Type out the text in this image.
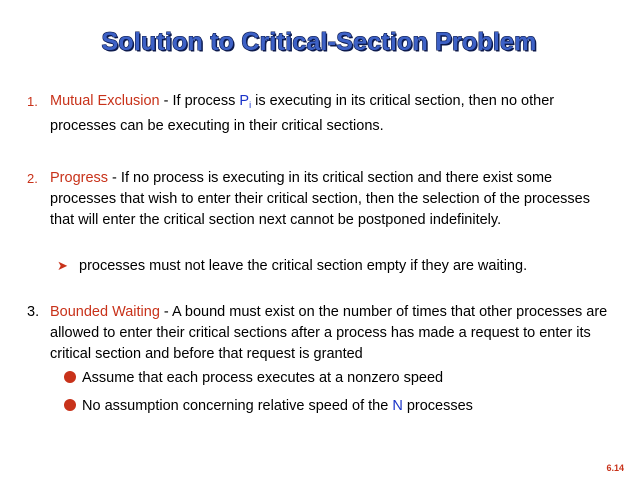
Solution to Critical-Section Problem
1. Mutual Exclusion - If process $P_i$ is executing in its critical section, then no other processes can be executing in their critical sections.
2. Progress - If no process is executing in its critical section and there exist some processes that wish to enter their critical section, then the selection of the processes that will enter the critical section next cannot be postponed indefinitely.
➤ processes must not leave the critical section empty if they are waiting.
3. Bounded Waiting - A bound must exist on the number of times that other processes are allowed to enter their critical sections after a process has made a request to enter its critical section and before that request is granted
Assume that each process executes at a nonzero speed
No assumption concerning relative speed of the N processes
6.14
